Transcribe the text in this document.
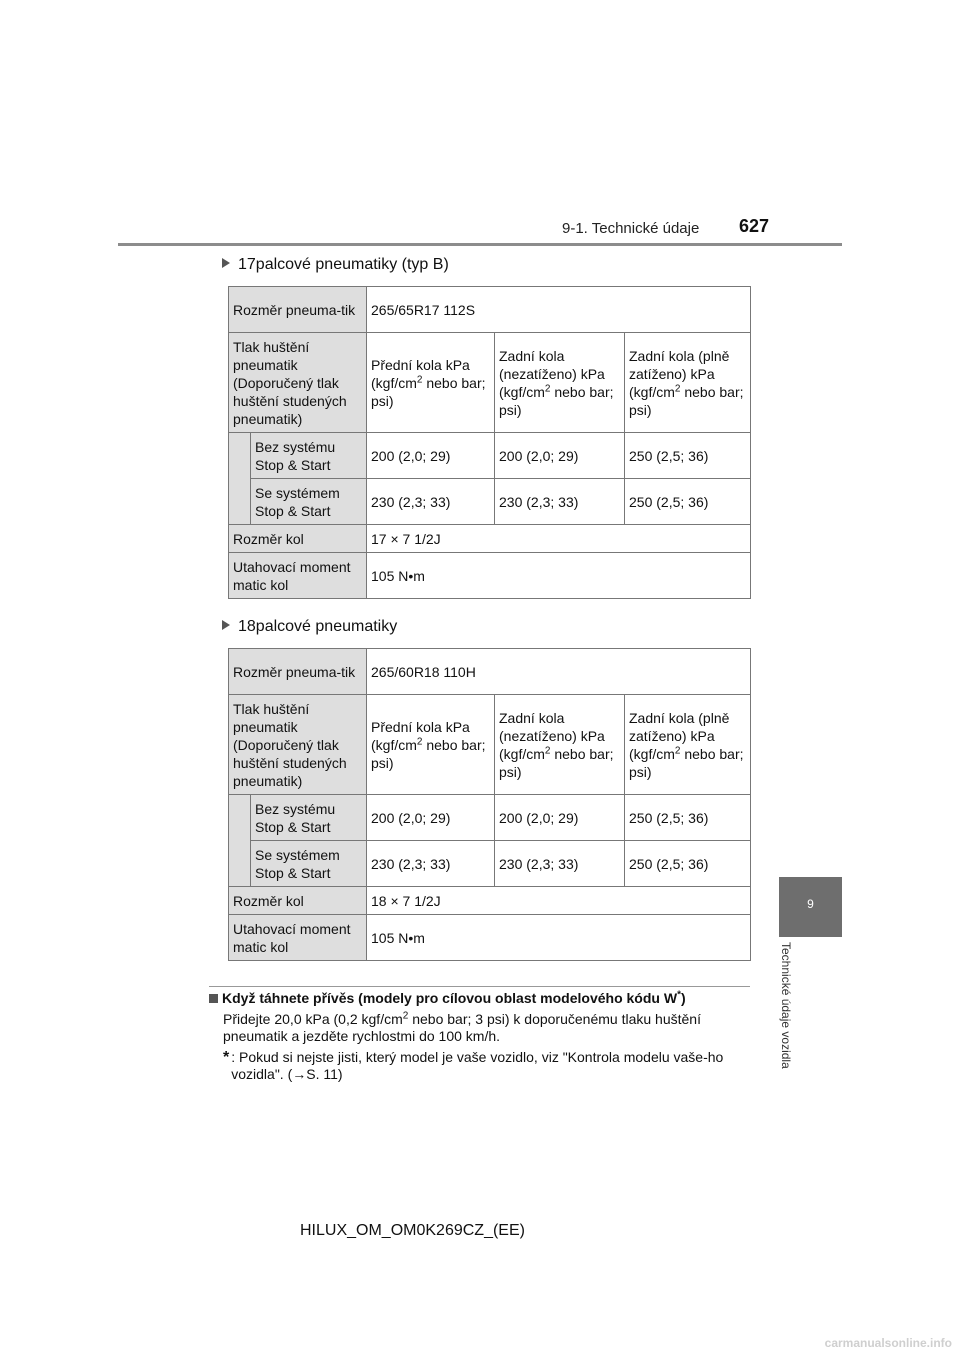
9-1. Technické údaje 627
9
Technické údaje vozidla
17palcové pneumatiky (typ B)
Rozměr pneuma-tik		265/65R17 112S		
Tlak huštění pneumatik (Doporučený tlak huštění studených pneumatik)		Přední kola kPa ($kgf/cm^2$ nebo bar; psi)	Zadní kola (nezatíženo) kPa ($kgf/cm^2$ nebo bar; psi)	Zadní kola (plně zatíženo) kPa ($kgf/cm^2$ nebo bar; psi)
	Bez systému Stop & Start	200 (2,0; 29)	200 (2,0; 29)	250 (2,5; 36)
	Se systémem Stop & Start	230 (2,3; 33)	230 (2,3; 33)	250 (2,5; 36)
Rozměr kol		17 × 7 1/2J		
Utahovací moment matic kol		105 N•m		
18palcové pneumatiky
Rozměr pneuma-tik		265/60R18 110H		
Tlak huštění pneumatik (Doporučený tlak huštění studených pneumatik)		Přední kola kPa ($kgf/cm^2$ nebo bar; psi)	Zadní kola (nezatíženo) kPa ($kgf/cm^2$ nebo bar; psi)	Zadní kola (plně zatíženo) kPa ($kgf/cm^2$ nebo bar; psi)
	Bez systému Stop & Start	200 (2,0; 29)	200 (2,0; 29)	250 (2,5; 36)
	Se systémem Stop & Start	230 (2,3; 33)	230 (2,3; 33)	250 (2,5; 36)
Rozměr kol		18 × 7 1/2J		
Utahovací moment matic kol		105 N•m		
Když táhnete přívěs (modely pro cílovou oblast modelového kódu W*)
Přidejte 20,0 kPa (0,2 kgf/$cm^2$ nebo bar; 3 psi) k doporučenému tlaku huštění pneumatik a jezděte rychlostmi do 100 km/h.
* : Pokud si nejste jisti, který model je vaše vozidlo, viz "Kontrola modelu vaše-ho vozidla". (→S. 11)
HILUX_OM_OM0K269CZ_(EE)
carmanualsonline.info
